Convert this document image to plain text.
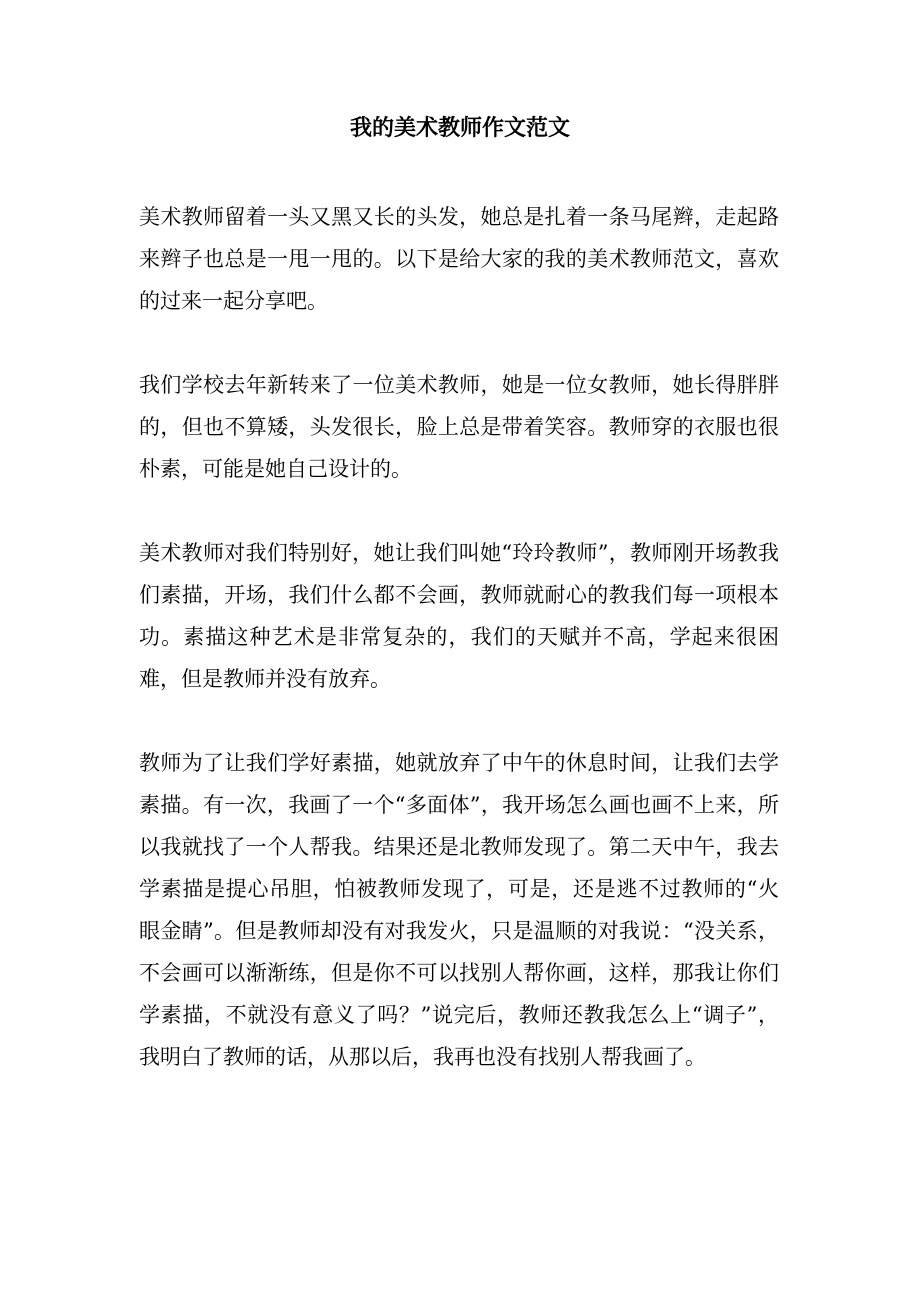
我的美术教师作文范文

美术教师留着一头又黑又长的头发，她总是扎着一条马尾辫，走起路来辫子也总是一甩一甩的。以下是给大家的我的美术教师范文，喜欢的过来一起分享吧。

我们学校去年新转来了一位美术教师，她是一位女教师，她长得胖胖的，但也不算矮，头发很长，脸上总是带着笑容。教师穿的衣服也很朴素，可能是她自己设计的。

美术教师对我们特别好，她让我们叫她“玲玲教师”，教师刚开场教我们素描，开场，我们什么都不会画，教师就耐心的教我们每一项根本功。素描这种艺术是非常复杂的，我们的天赋并不高，学起来很困难，但是教师并没有放弃。

教师为了让我们学好素描，她就放弃了中午的休息时间，让我们去学素描。有一次，我画了一个“多面体”，我开场怎么画也画不上来，所以我就找了一个人帮我。结果还是北教师发现了。第二天中午，我去学素描是提心吊胆，怕被教师发现了，可是，还是逃不过教师的“火眼金睛”。但是教师却没有对我发火，只是温顺的对我说：“没关系，不会画可以渐渐练，但是你不可以找别人帮你画，这样，那我让你们学素描，不就没有意义了吗？”说完后，教师还教我怎么上“调子”，我明白了教师的话，从那以后，我再也没有找别人帮我画了。
